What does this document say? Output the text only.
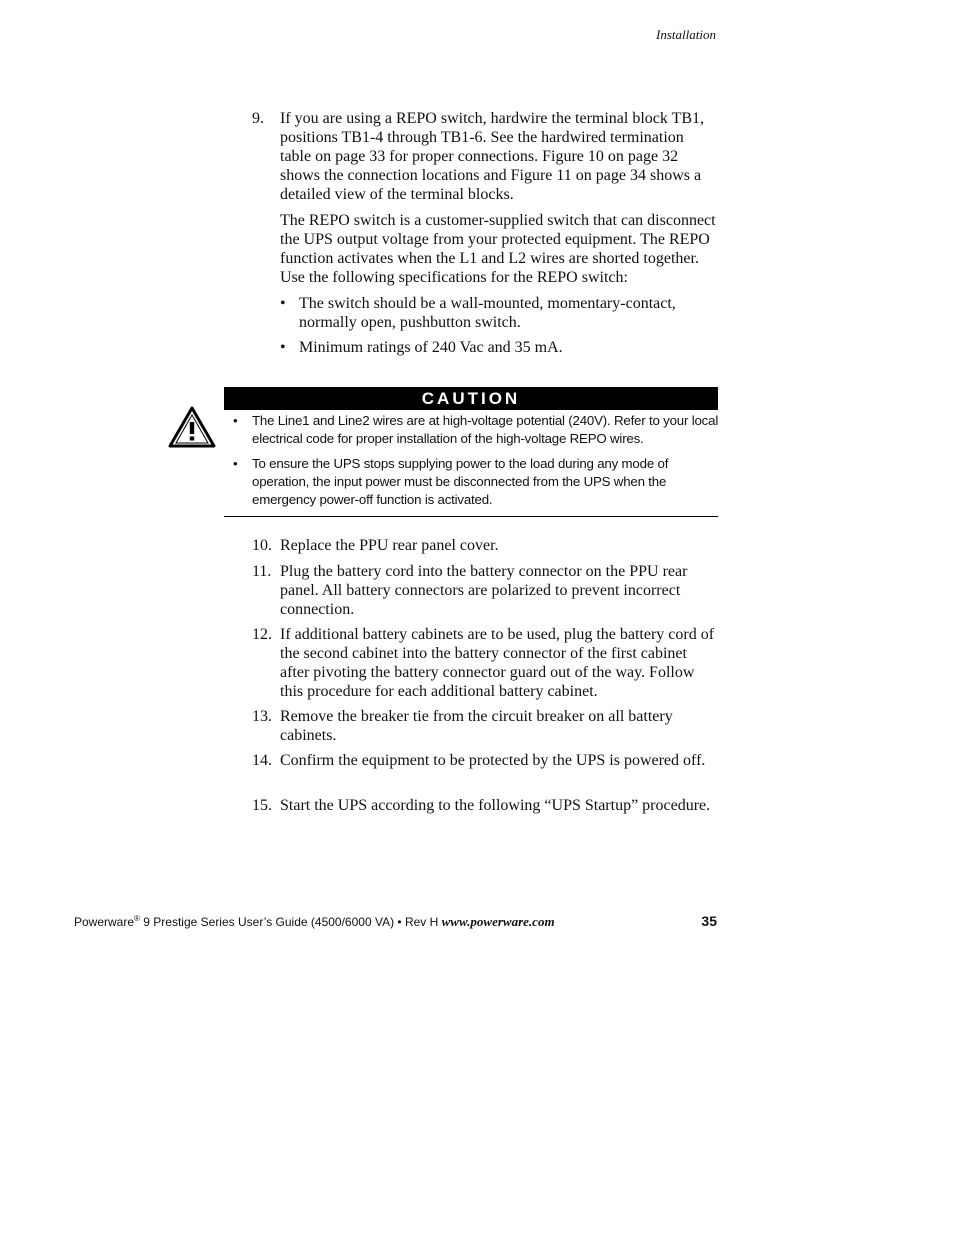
Installation
9.	If you are using a REPO switch, hardwire the terminal block TB1, positions TB1-4 through TB1-6. See the hardwired termination table on page 33 for proper connections. Figure 10 on page 32 shows the connection locations and Figure 11 on page 34 shows a detailed view of the terminal blocks.

The REPO switch is a customer-supplied switch that can disconnect the UPS output voltage from your protected equipment. The REPO function activates when the L1 and L2 wires are shorted together. Use the following specifications for the REPO switch:

• The switch should be a wall-mounted, momentary-contact, normally open, pushbutton switch.
• Minimum ratings of 240 Vac and 35 mA.
CAUTION
• The Line1 and Line2 wires are at high-voltage potential (240V). Refer to your local electrical code for proper installation of the high-voltage REPO wires.
• To ensure the UPS stops supplying power to the load during any mode of operation, the input power must be disconnected from the UPS when the emergency power-off function is activated.
10. Replace the PPU rear panel cover.

11. Plug the battery cord into the battery connector on the PPU rear panel. All battery connectors are polarized to prevent incorrect connection.

12. If additional battery cabinets are to be used, plug the battery cord of the second cabinet into the battery connector of the first cabinet after pivoting the battery connector guard out of the way. Follow this procedure for each additional battery cabinet.

13. Remove the breaker tie from the circuit breaker on all battery cabinets.

14. Confirm the equipment to be protected by the UPS is powered off.

15. Start the UPS according to the following “UPS Startup” procedure.

Powerware® 9 Prestige Series User’s Guide (4500/6000 VA) • Rev H www.powerware.com	35
